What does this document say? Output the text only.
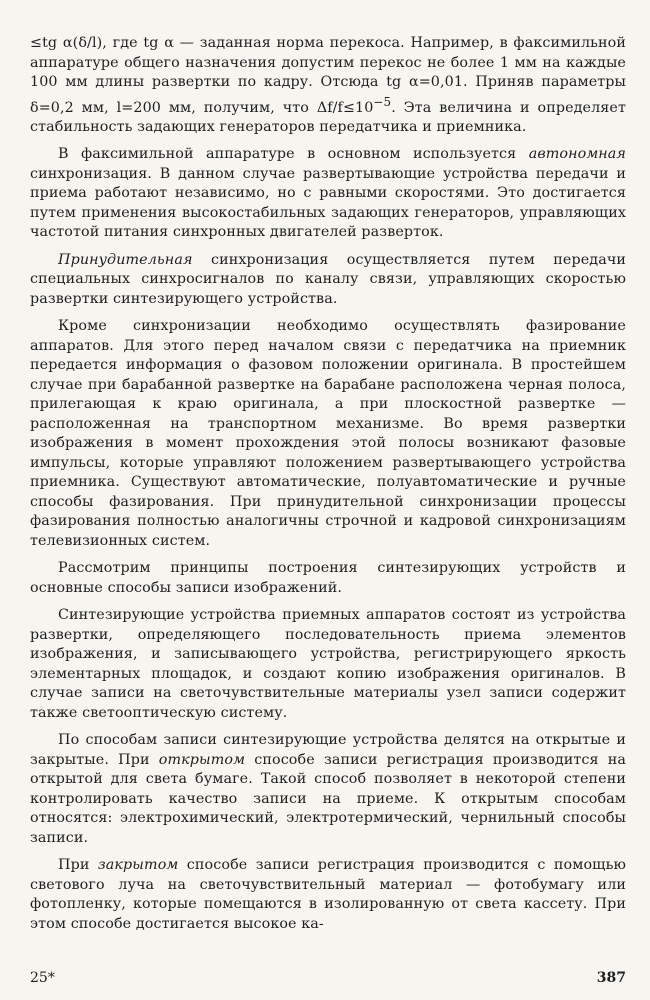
≤tg α(δ/l), где tg α — заданная норма перекоса. Например, в факсимильной аппаратуре общего назначения допустим перекос не более 1 мм на каждые 100 мм длины развертки по кадру. Отсюда tg α=0,01. Приняв параметры δ=0,2 мм, l=200 мм, получим, что $\Delta f/f\le 10^{-5}$. Эта величина и определяет стабильность задающих генераторов передатчика и приемника.

В факсимильной аппаратуре в основном используется автономная синхронизация. В данном случае развертывающие устройства передачи и приема работают независимо, но с равными скоростями. Это достигается путем применения высокостабильных задающих генераторов, управляющих частотой питания синхронных двигателей разверток.

Принудительная синхронизация осуществляется путем передачи специальных синхросигналов по каналу связи, управляющих скоростью развертки синтезирующего устройства.

Кроме синхронизации необходимо осуществлять фазирование аппаратов. Для этого перед началом связи с передатчика на приемник передается информация о фазовом положении оригинала. В простейшем случае при барабанной развертке на барабане расположена черная полоса, прилегающая к краю оригинала, а при плоскостной развертке — расположенная на транспортном механизме. Во время развертки изображения в момент прохождения этой полосы возникают фазовые импульсы, которые управляют положением развертывающего устройства приемника. Существуют автоматические, полуавтоматические и ручные способы фазирования. При принудительной синхронизации процессы фазирования полностью аналогичны строчной и кадровой синхронизациям телевизионных систем.

Рассмотрим принципы построения синтезирующих устройств и основные способы записи изображений.

Синтезирующие устройства приемных аппаратов состоят из устройства развертки, определяющего последовательность приема элементов изображения, и записывающего устройства, регистрирующего яркость элементарных площадок, и создают копию изображения оригиналов. В случае записи на светочувствительные материалы узел записи содержит также светооптическую систему.

По способам записи синтезирующие устройства делятся на открытые и закрытые. При открытом способе записи регистрация производится на открытой для света бумаге. Такой способ позволяет в некоторой степени контролировать качество записи на приеме. К открытым способам относятся: электрохимический, электротермический, чернильный способы записи.

При закрытом способе записи регистрация производится с помощью светового луча на светочувствительный материал — фотобумагу или фотопленку, которые помещаются в изолированную от света кассету. При этом способе достигается высокое ка-

25*	387
